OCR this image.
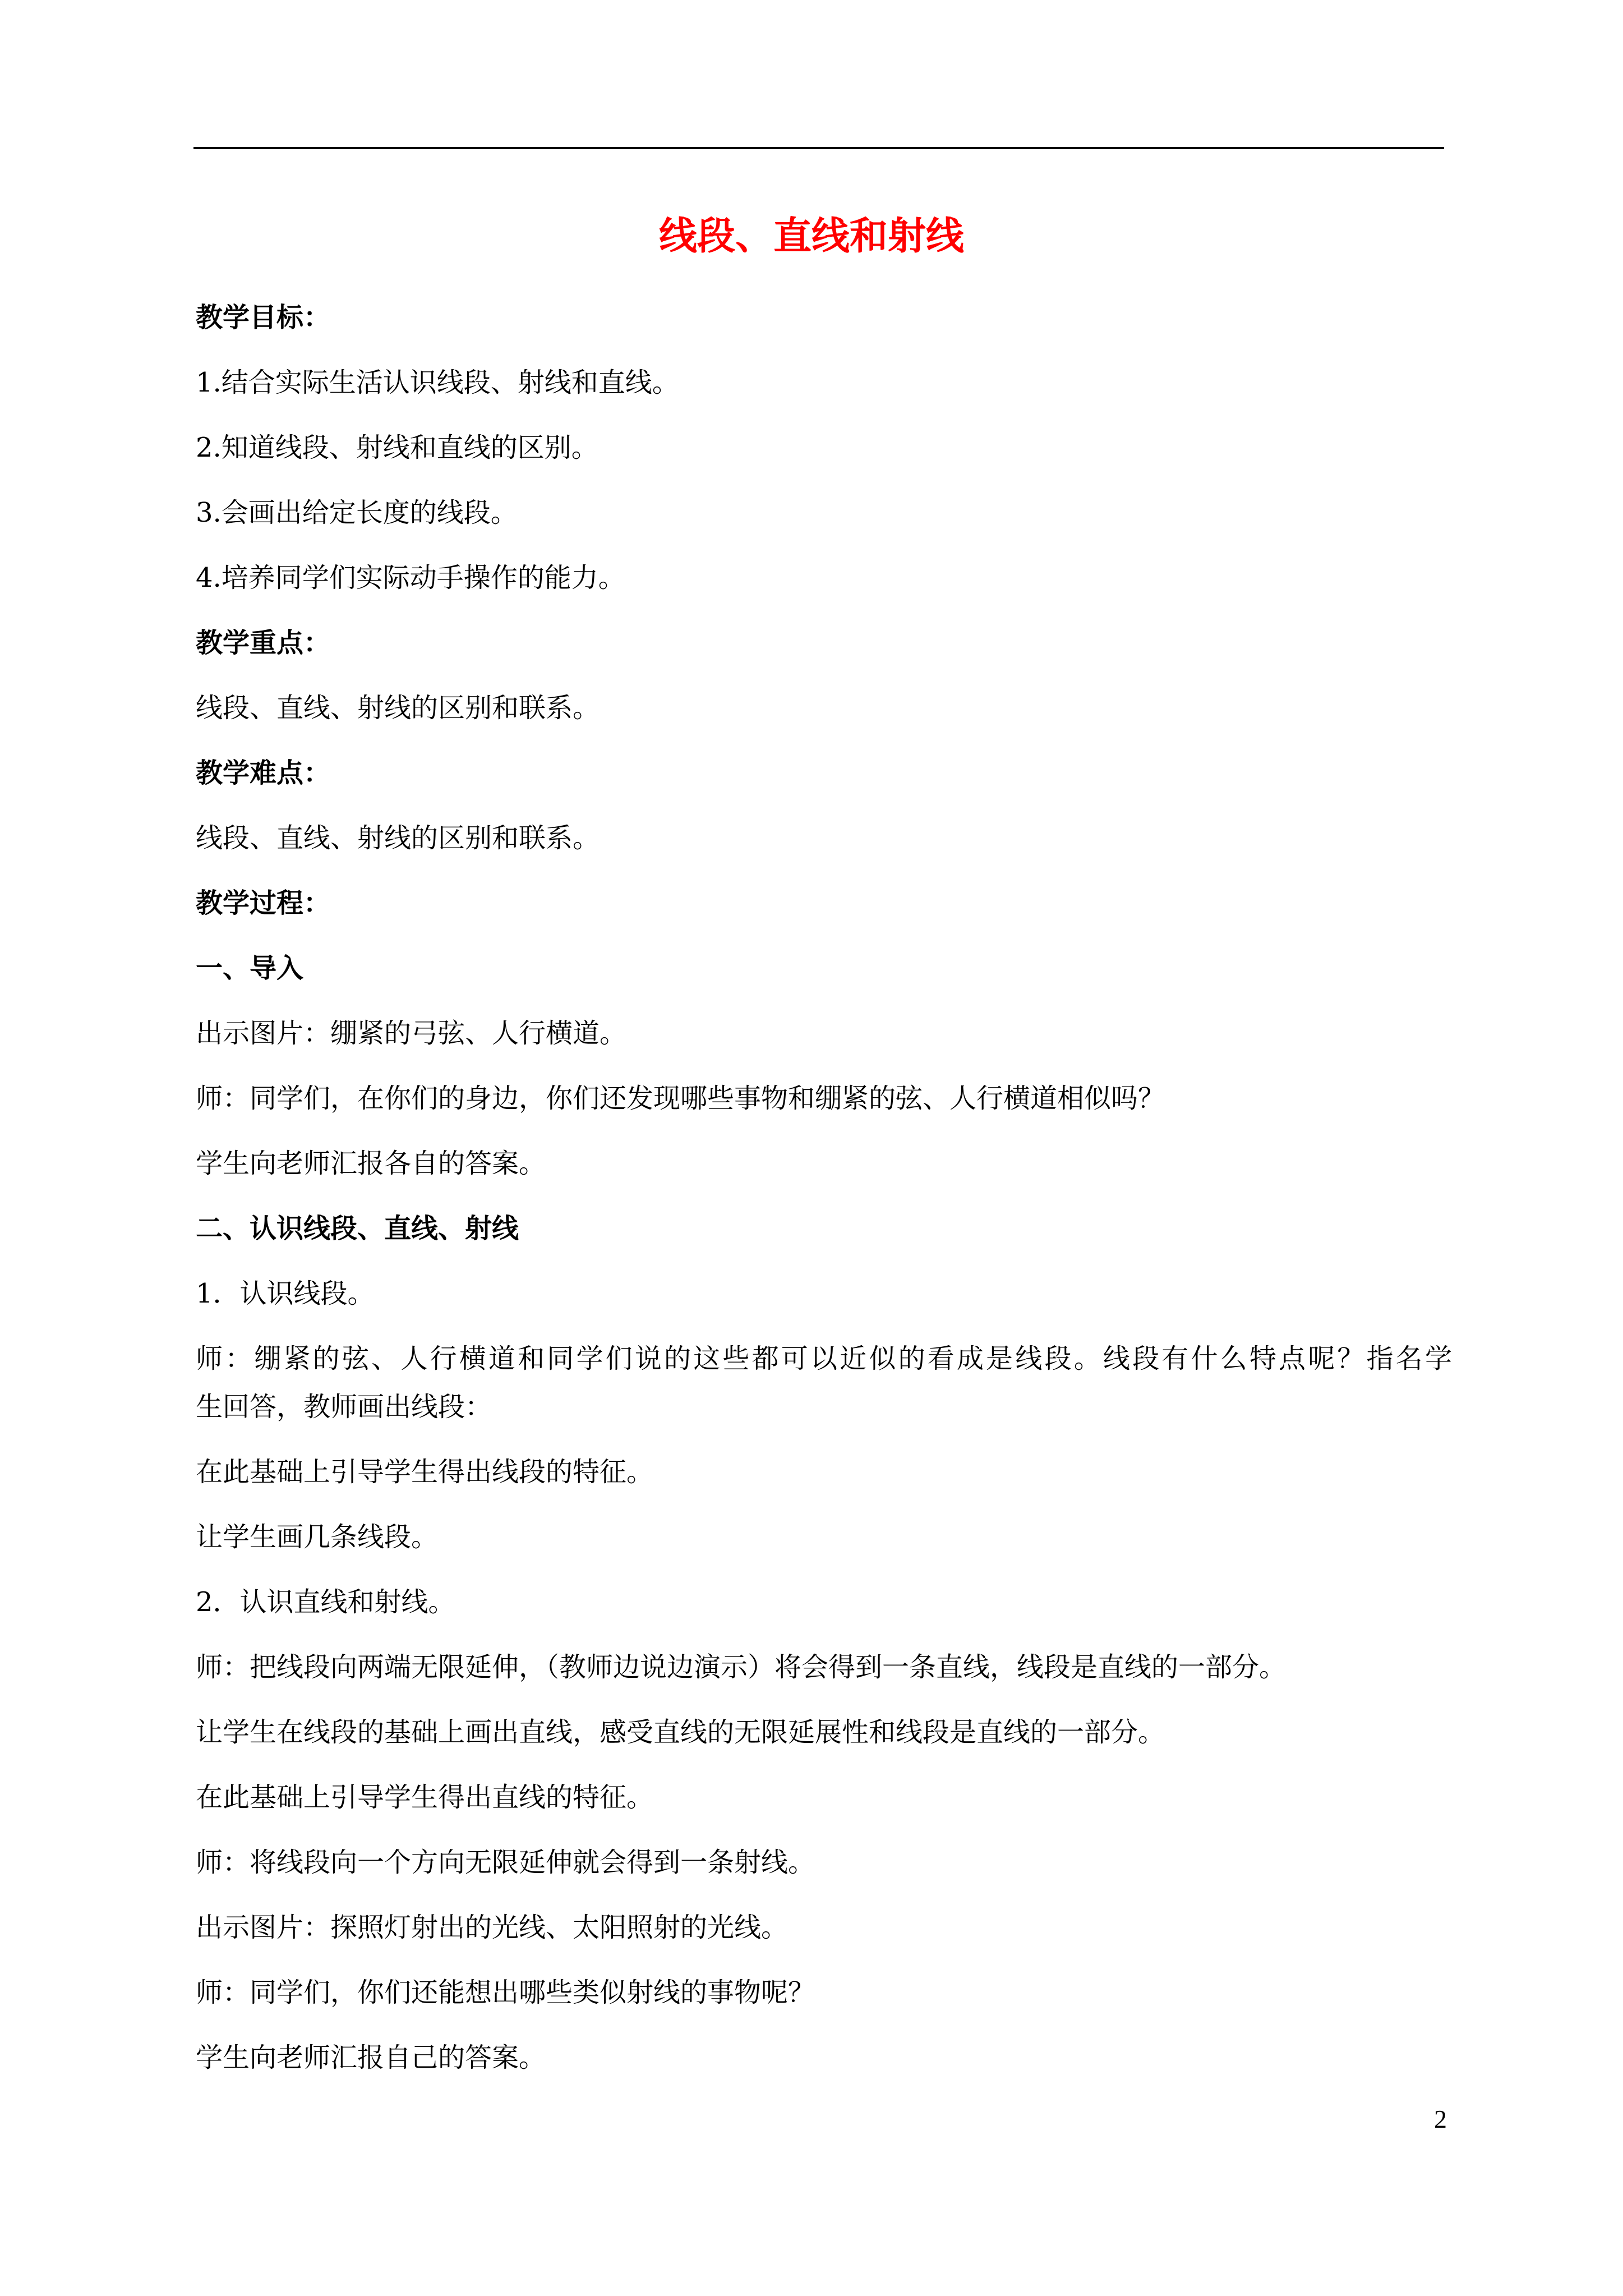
线段、直线和射线
教学目标：
1.结合实际生活认识线段、射线和直线。
2.知道线段、射线和直线的区别。
3.会画出给定长度的线段。
4.培养同学们实际动手操作的能力。
教学重点：
线段、直线、射线的区别和联系。
教学难点：
线段、直线、射线的区别和联系。
教学过程：
一、导入
出示图片：绷紧的弓弦、人行横道。
师：同学们，在你们的身边，你们还发现哪些事物和绷紧的弦、人行横道相似吗？
学生向老师汇报各自的答案。
二、认识线段、直线、射线
1．认识线段。
师：绷紧的弦、人行横道和同学们说的这些都可以近似的看成是线段。线段有什么特点呢？指名学
生回答，教师画出线段：
在此基础上引导学生得出线段的特征。
让学生画几条线段。
2．认识直线和射线。
师：把线段向两端无限延伸，（教师边说边演示）将会得到一条直线，线段是直线的一部分。
让学生在线段的基础上画出直线，感受直线的无限延展性和线段是直线的一部分。
在此基础上引导学生得出直线的特征。
师：将线段向一个方向无限延伸就会得到一条射线。
出示图片：探照灯射出的光线、太阳照射的光线。
师：同学们，你们还能想出哪些类似射线的事物呢？
学生向老师汇报自己的答案。
2
